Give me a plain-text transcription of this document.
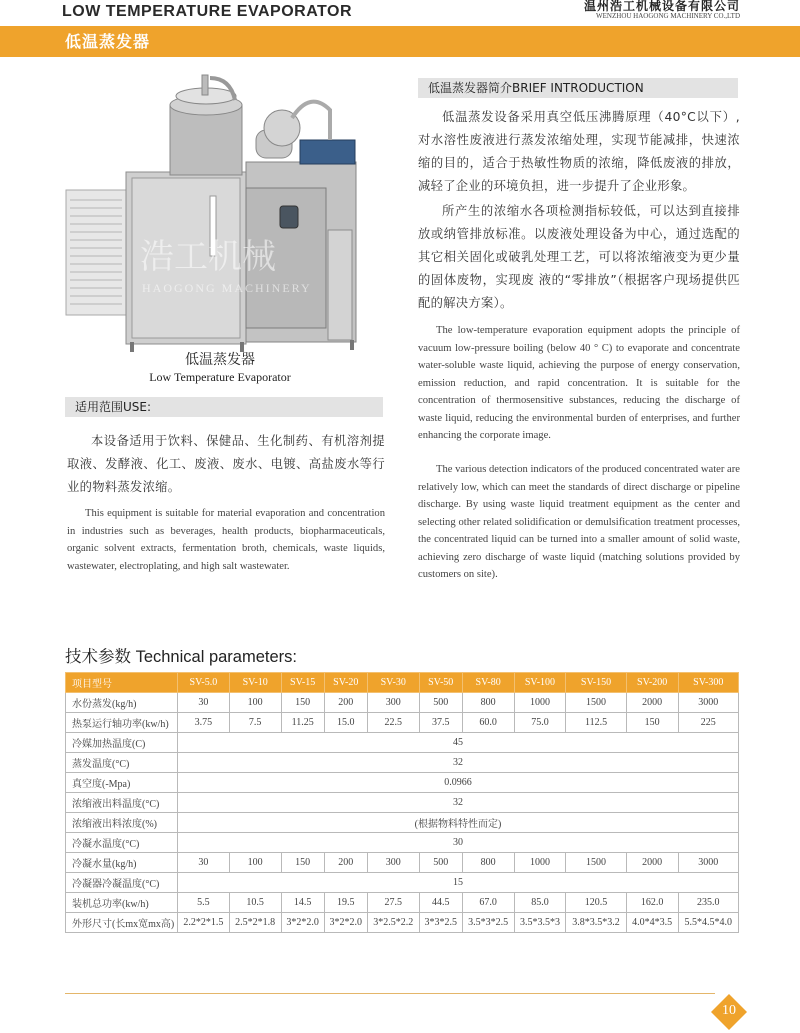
LOW TEMPERATURE EVAPORATOR	温州浩工机械设备有限公司
WENZHOU HAOGONG MACHINERY CO.,LTD
低温蒸发器
浩工机械
HAOGONG MACHINERY
低温蒸发器
Low Temperature Evaporator
适用范围USE:
本设备适用于饮料、保健品、生化制药、有机溶剂提取液、发酵液、化工、废液、废水、电镀、高盐废水等行业的物料蒸发浓缩。
This equipment is suitable for material evaporation and concentration in industries such as beverages, health products, biopharmaceuticals, organic solvent extracts, fermentation broth, chemicals, waste liquids, wastewater, electroplating, and high salt wastewater.
低温蒸发器简介BRIEF INTRODUCTION
低温蒸发设备采用真空低压沸腾原理（40°C以下）,对水溶性废液进行蒸发浓缩处理，实现节能减排，快速浓缩的目的，适合于热敏性物质的浓缩，降低废液的排放，减轻了企业的环境负担，进一步提升了企业形象。
所产生的浓缩水各项检测指标较低，可以达到直接排放或纳管排放标准。以废液处理设备为中心，通过选配的其它相关固化或破乳处理工艺，可以将浓缩液变为更少量的固体废物，实现废 液的“零排放”（根据客户现场提供匹配的解决方案）。
The low-temperature evaporation equipment adopts the principle of vacuum low-pressure boiling (below 40 ° C) to evaporate and concentrate water-soluble waste liquid, achieving the purpose of energy conservation, emission reduction, and rapid concentration. It is suitable for the concentration of thermosensitive substances, reducing the discharge of waste liquid, reducing the environmental burden of enterprises, and further enhancing the corporate image.
The various detection indicators of the produced concentrated water are relatively low, which can meet the standards of direct discharge or pipeline discharge. By using waste liquid treatment equipment as the center and selecting other related solidification or demulsification treatment processes, the concentrated liquid can be turned into a smaller amount of solid waste, achieving zero discharge of waste liquid (matching solutions provided by customers on site).
技术参数 Technical parameters:
项目型号	SV-5.0	SV-10	SV-15	SV-20	SV-30	SV-50	SV-80	SV-100	SV-150	SV-200	SV-300
水份蒸发(kg/h)	30	100	150	200	300	500	800	1000	1500	2000	3000
热泵运行轴功率(kw/h)	3.75	7.5	11.25	15.0	22.5	37.5	60.0	75.0	112.5	150	225
冷媒加热温度(C)	45										
蒸发温度(°C)	32										
真空度(-Mpa)	0.0966										
浓缩液出料温度(°C)	32										
浓缩液出料浓度(%)	(根据物料特性而定)										
冷凝水温度(°C)	30										
冷凝水量(kg/h)	30	100	150	200	300	500	800	1000	1500	2000	3000
冷凝器冷凝温度(°C)	15										
装机总功率(kw/h)	5.5	10.5	14.5	19.5	27.5	44.5	67.0	85.0	120.5	162.0	235.0
外形尺寸(长mx宽mx高)	2.2*2*1.5	2.5*2*1.8	3*2*2.0	3*2*2.0	3*2.5*2.2	3*3*2.5	3.5*3*2.5	3.5*3.5*3	3.8*3.5*3.2	4.0*4*3.5	5.5*4.5*4.0
10
